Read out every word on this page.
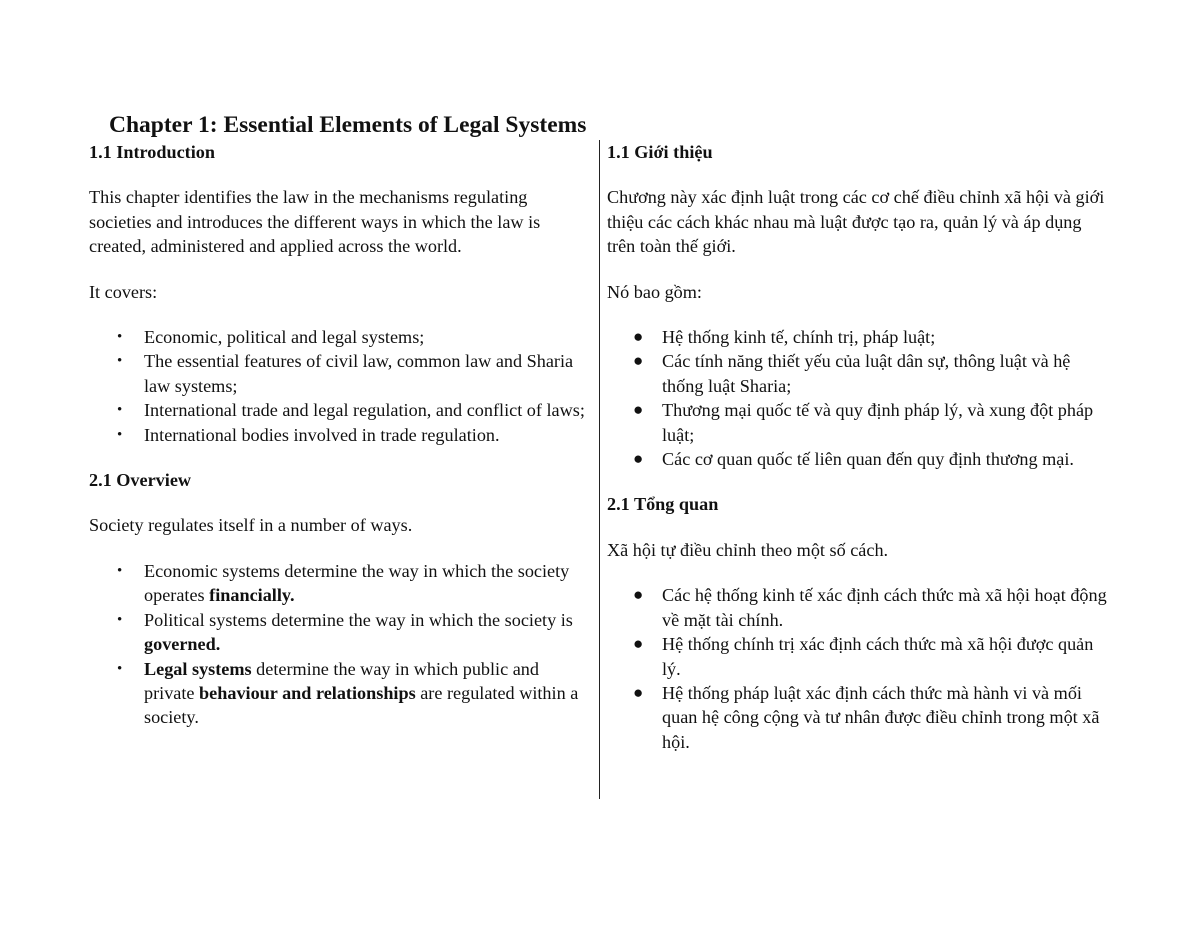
Chapter 1: Essential Elements of Legal Systems

1.1 Introduction

This chapter identifies the law in the mechanisms regulating societies and introduces the different ways in which the law is created, administered and applied across the world.

It covers:

• Economic, political and legal systems;
• The essential features of civil law, common law and Sharia law systems;
• International trade and legal regulation, and conflict of laws;
• International bodies involved in trade regulation.

2.1 Overview

Society regulates itself in a number of ways.

• Economic systems determine the way in which the society operates financially.
• Political systems determine the way in which the society is governed.
• Legal systems determine the way in which public and private behaviour and relationships are regulated within a society.

1.1 Giới thiệu

Chương này xác định luật trong các cơ chế điều chỉnh xã hội và giới thiệu các cách khác nhau mà luật được tạo ra, quản lý và áp dụng trên toàn thế giới.

Nó bao gồm:

● Hệ thống kinh tế, chính trị, pháp luật;
● Các tính năng thiết yếu của luật dân sự, thông luật và hệ thống luật Sharia;
● Thương mại quốc tế và quy định pháp lý, và xung đột pháp luật;
● Các cơ quan quốc tế liên quan đến quy định thương mại.

2.1 Tổng quan

Xã hội tự điều chỉnh theo một số cách.

● Các hệ thống kinh tế xác định cách thức mà xã hội hoạt động về mặt tài chính.
● Hệ thống chính trị xác định cách thức mà xã hội được quản lý.
● Hệ thống pháp luật xác định cách thức mà hành vi và mối quan hệ công cộng và tư nhân được điều chỉnh trong một xã hội.
